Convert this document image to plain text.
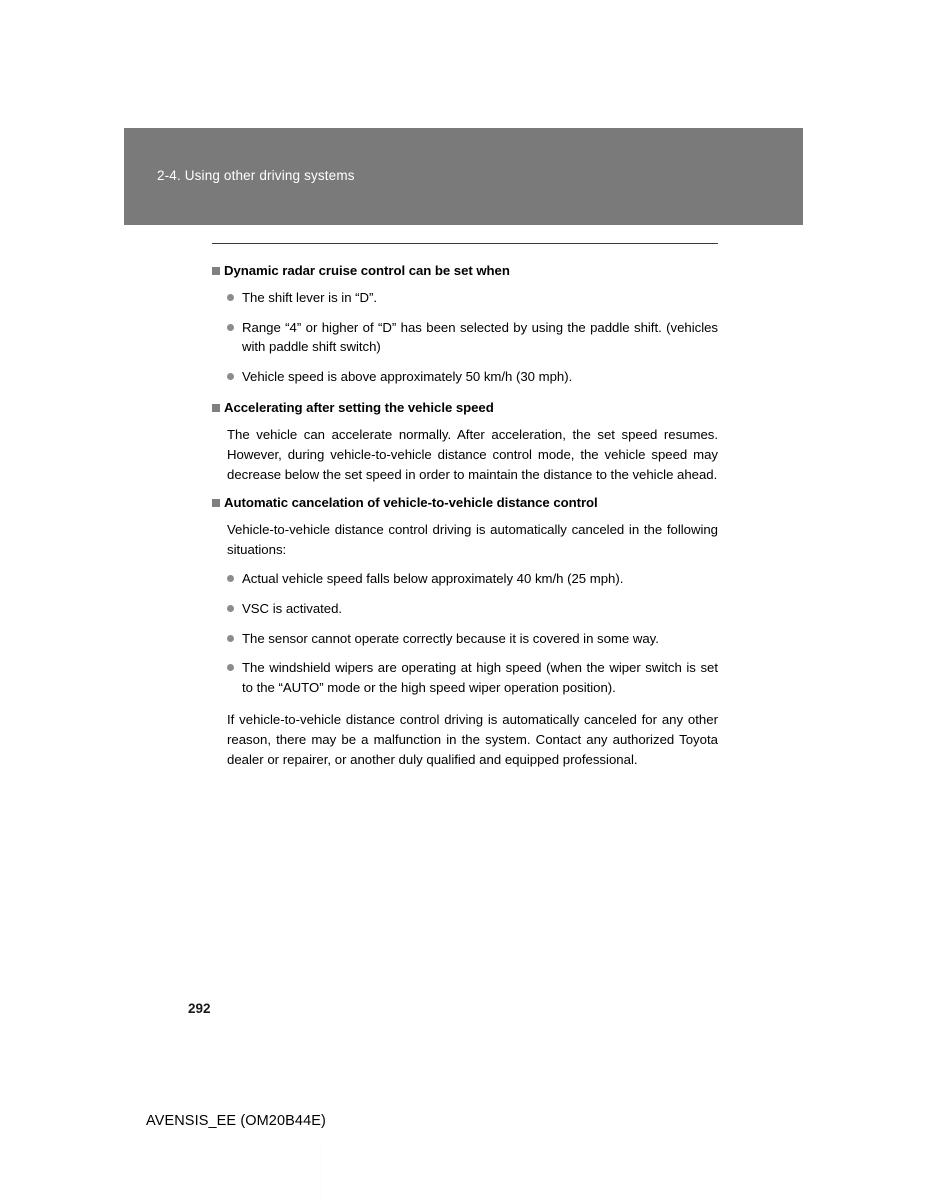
2-4. Using other driving systems
Dynamic radar cruise control can be set when
The shift lever is in “D”.
Range “4” or higher of “D” has been selected by using the paddle shift. (vehicles with paddle shift switch)
Vehicle speed is above approximately 50 km/h (30 mph).
Accelerating after setting the vehicle speed

The vehicle can accelerate normally. After acceleration, the set speed resumes. However, during vehicle-to-vehicle distance control mode, the vehicle speed may decrease below the set speed in order to maintain the distance to the vehicle ahead.

Automatic cancelation of vehicle-to-vehicle distance control

Vehicle-to-vehicle distance control driving is automatically canceled in the following situations:

Actual vehicle speed falls below approximately 40 km/h (25 mph).
VSC is activated.
The sensor cannot operate correctly because it is covered in some way.
The windshield wipers are operating at high speed (when the wiper switch is set to the “AUTO” mode or the high speed wiper operation position).

If vehicle-to-vehicle distance control driving is automatically canceled for any other reason, there may be a malfunction in the system. Contact any authorized Toyota dealer or repairer, or another duly qualified and equipped professional.

292
AVENSIS_EE (OM20B44E)
